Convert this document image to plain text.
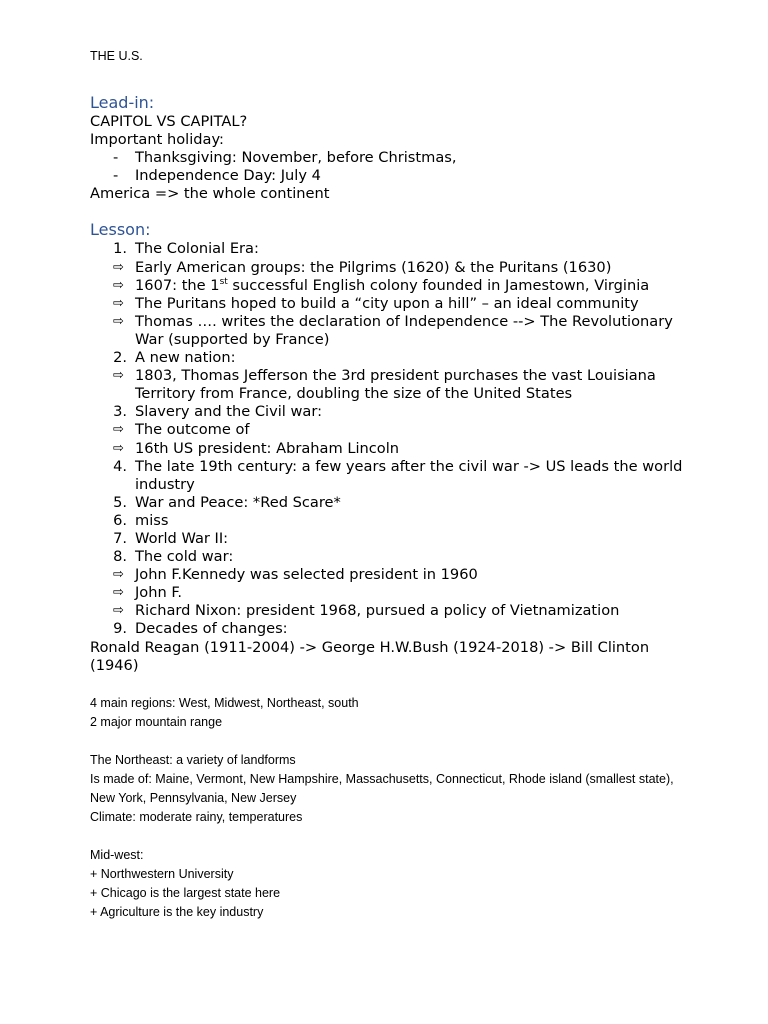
THE U.S.
Lead-in:
CAPITOL VS CAPITAL?
Important holiday:
-	Thanksgiving: November, before Christmas,
-	Independence Day: July 4
America => the whole continent
Lesson:
1. The Colonial Era:
⇨ Early American groups: the Pilgrims (1620) & the Puritans (1630)
⇨ 1607: the 1st successful English colony founded in Jamestown, Virginia
⇨ The Puritans hoped to build a “city upon a hill” – an ideal community
⇨ Thomas …. writes the declaration of Independence --> The Revolutionary War (supported by France)
2. A new nation:
⇨ 1803, Thomas Jefferson the 3rd president purchases the vast Louisiana Territory from France, doubling the size of the United States
3. Slavery and the Civil war:
⇨ The outcome of
⇨ 16th US president: Abraham Lincoln
4. The late 19th century: a few years after the civil war -> US leads the world industry
5. War and Peace: *Red Scare*
6. miss
7. World War II:
8. The cold war:
⇨ John F.Kennedy was selected president in 1960
⇨ John F.
⇨ Richard Nixon: president 1968, pursued a policy of Vietnamization
9. Decades of changes:
Ronald Reagan (1911-2004) -> George H.W.Bush (1924-2018) -> Bill Clinton (1946)
4 main regions: West, Midwest, Northeast, south
2 major mountain range
The Northeast: a variety of landforms
Is made of: Maine, Vermont, New Hampshire, Massachusetts, Connecticut, Rhode island (smallest state), New York, Pennsylvania, New Jersey
Climate: moderate rainy, temperatures
Mid-west:
+ Northwestern University
+ Chicago is the largest state here
+ Agriculture is the key industry
